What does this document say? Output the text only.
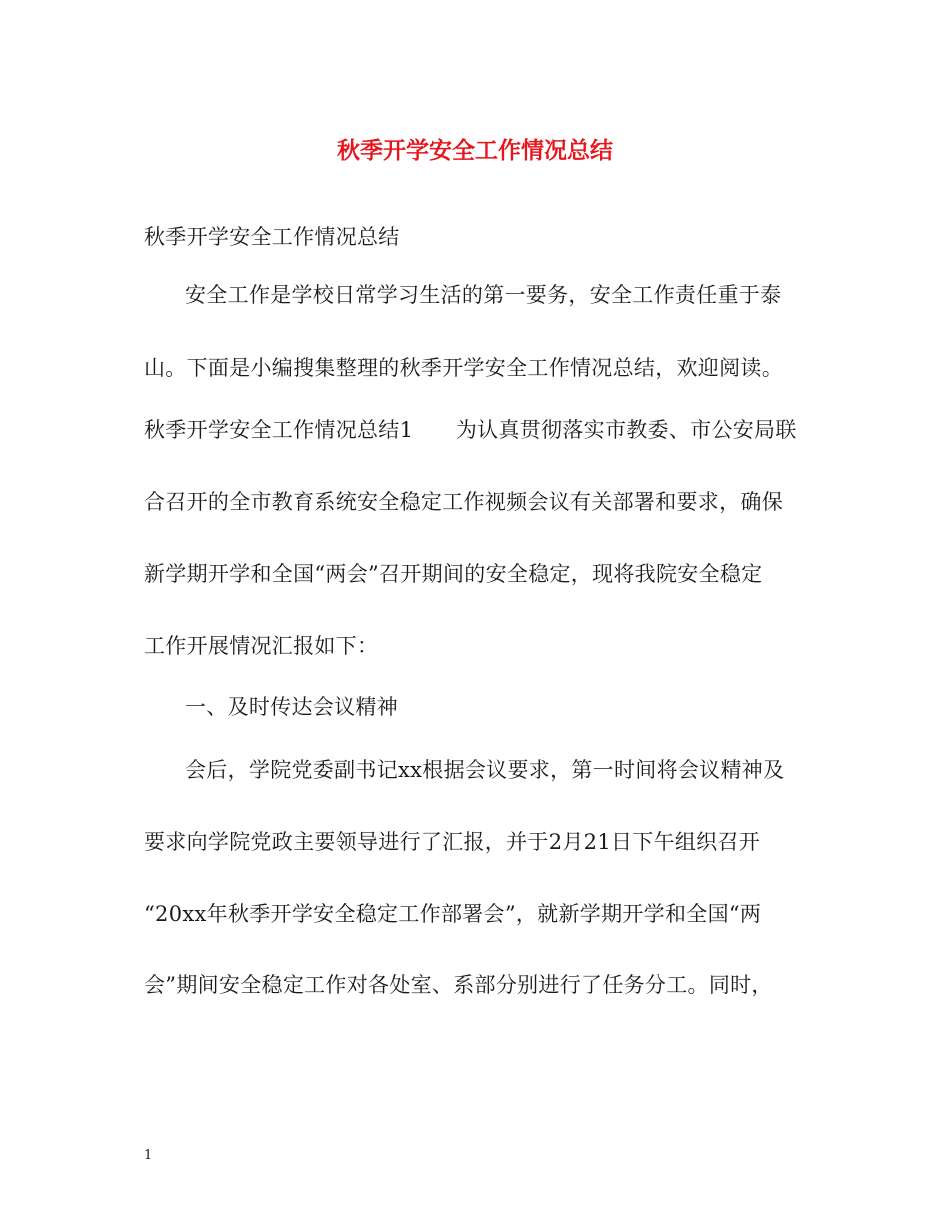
秋季开学安全工作情况总结
秋季开学安全工作情况总结
安全工作是学校日常学习生活的第一要务，安全工作责任重于泰
山。下面是小编搜集整理的秋季开学安全工作情况总结，欢迎阅读。
秋季开学安全工作情况总结1　　为认真贯彻落实市教委、市公安局联
合召开的全市教育系统安全稳定工作视频会议有关部署和要求，确保
新学期开学和全国“两会”召开期间的安全稳定，现将我院安全稳定
工作开展情况汇报如下：
一、及时传达会议精神
会后，学院党委副书记xx根据会议要求，第一时间将会议精神及
要求向学院党政主要领导进行了汇报，并于2月21日下午组织召开
“20xx年秋季开学安全稳定工作部署会”，就新学期开学和全国“两
会”期间安全稳定工作对各处室、系部分别进行了任务分工。同时，
1
